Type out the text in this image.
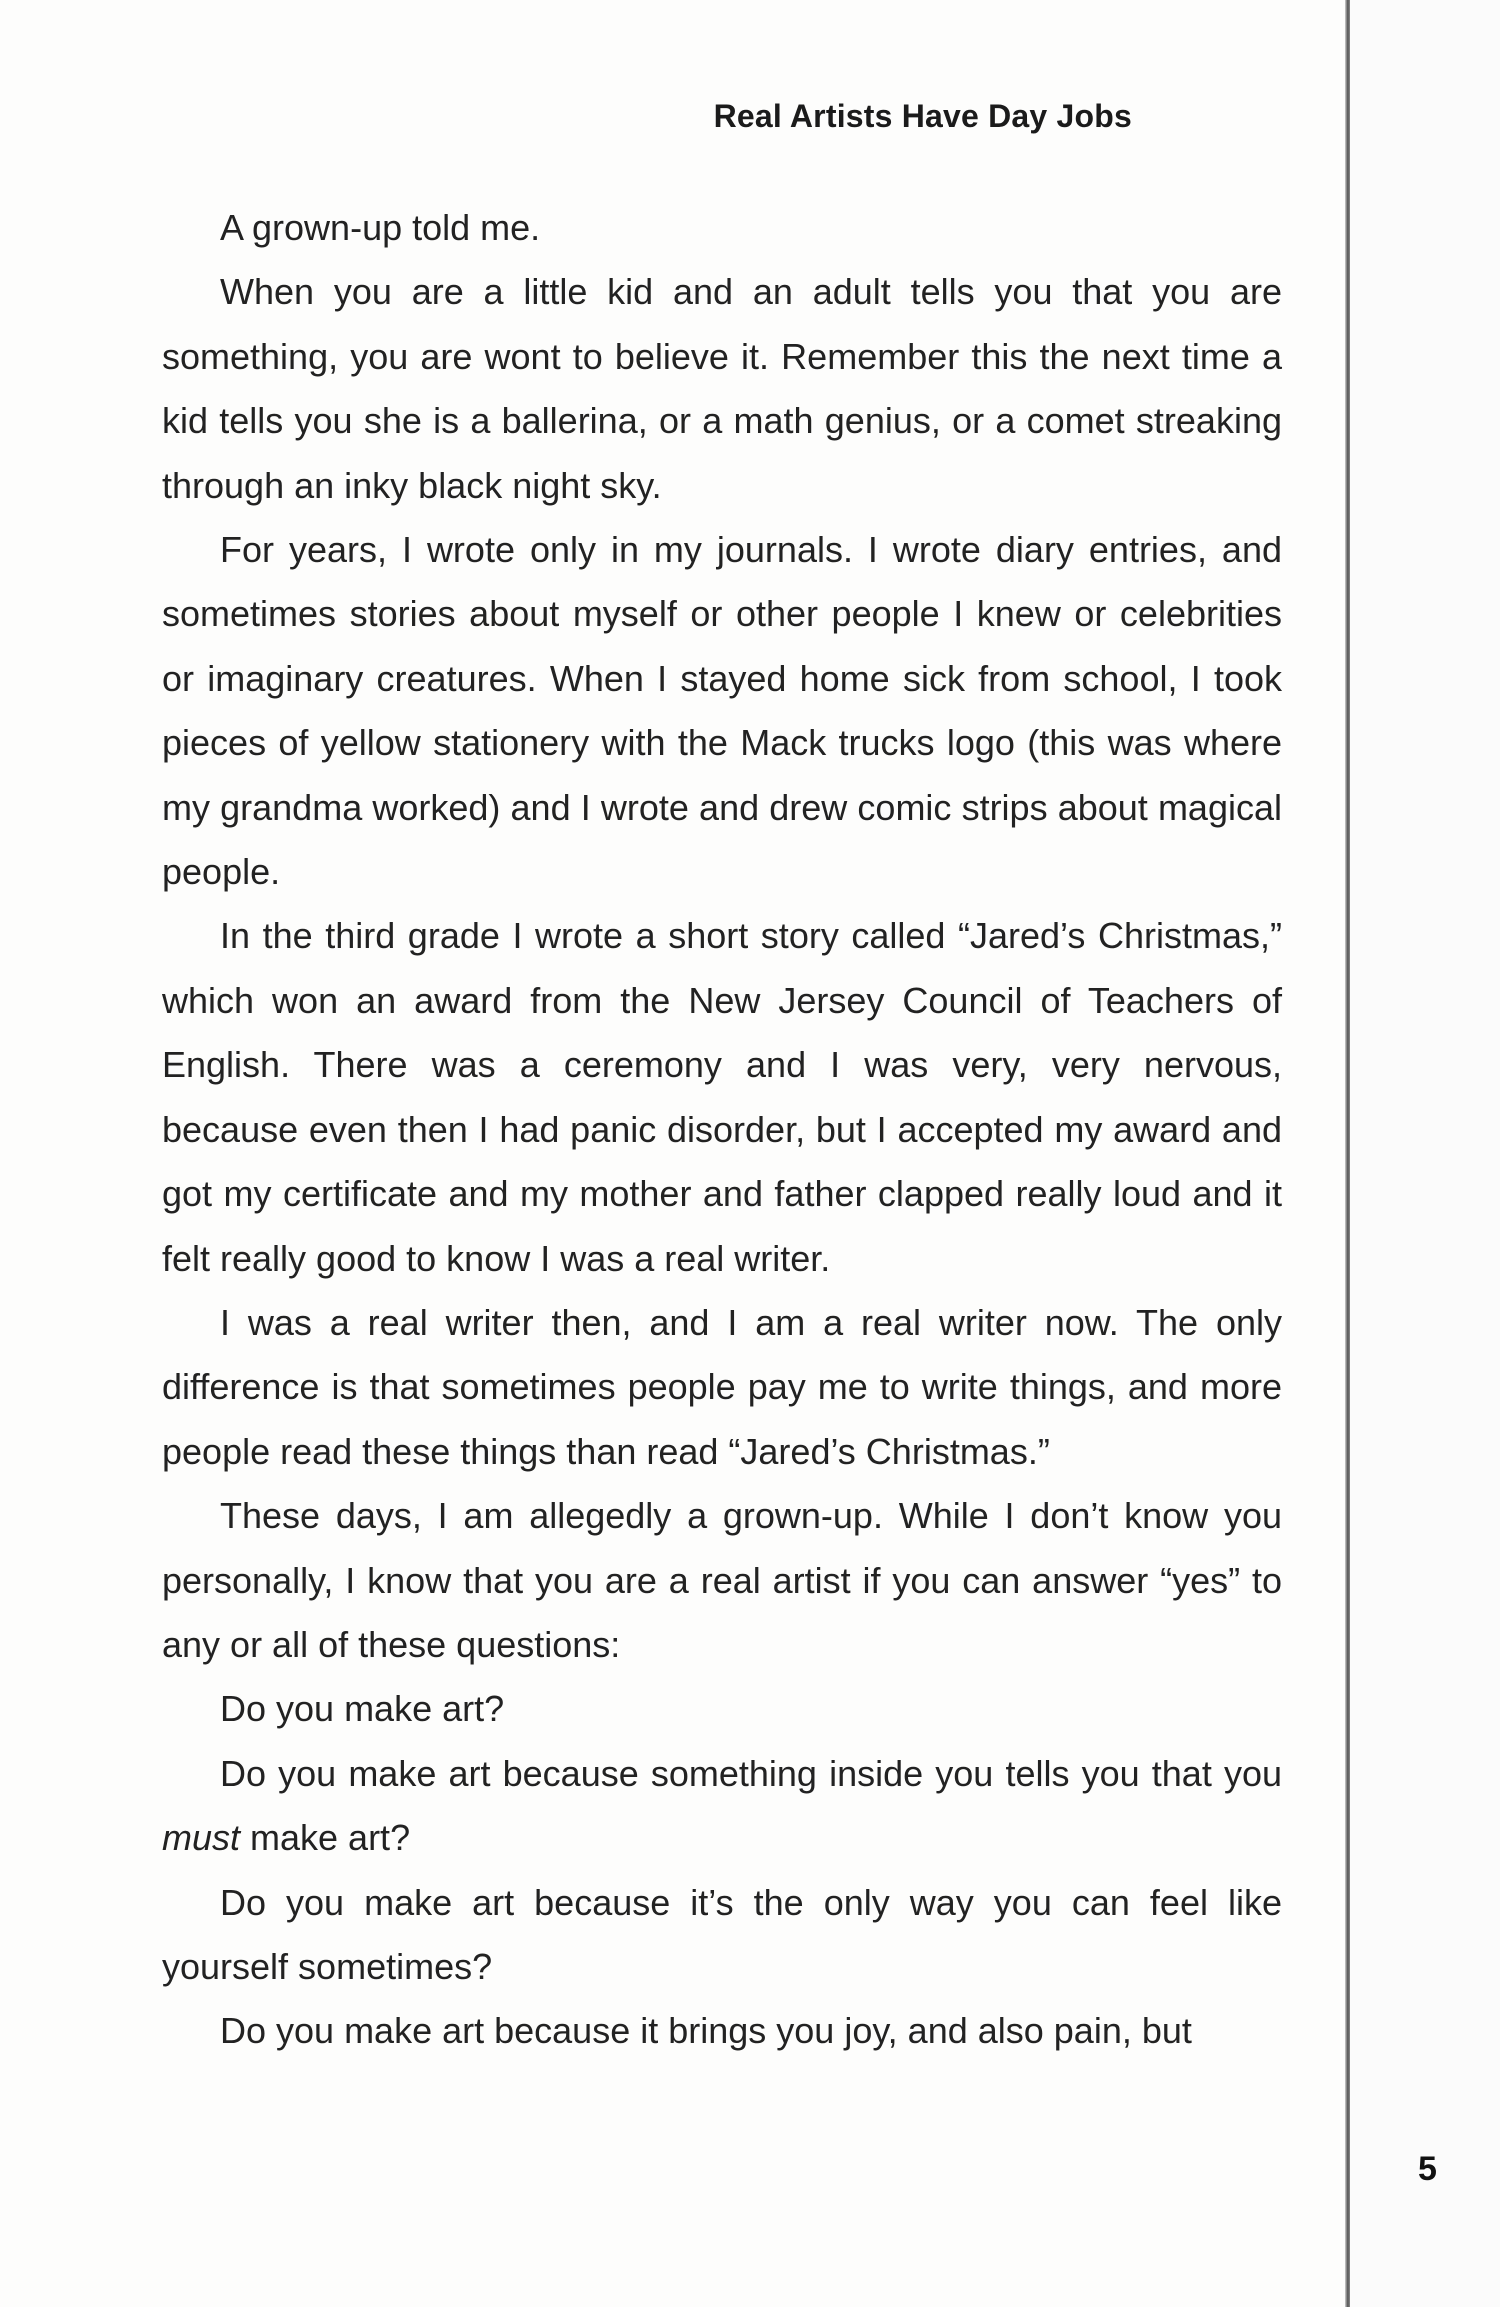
Real Artists Have Day Jobs

A grown-up told me.

When you are a little kid and an adult tells you that you are something, you are wont to believe it. Remember this the next time a kid tells you she is a ballerina, or a math genius, or a comet streaking through an inky black night sky.

For years, I wrote only in my journals. I wrote diary entries, and sometimes stories about myself or other people I knew or celebrities or imaginary creatures. When I stayed home sick from school, I took pieces of yellow stationery with the Mack trucks logo (this was where my grandma worked) and I wrote and drew comic strips about magical people.

In the third grade I wrote a short story called “Jared’s Christmas,” which won an award from the New Jersey Council of Teachers of English. There was a ceremony and I was very, very nervous, because even then I had panic disorder, but I accepted my award and got my certificate and my mother and father clapped really loud and it felt really good to know I was a real writer.

I was a real writer then, and I am a real writer now. The only difference is that sometimes people pay me to write things, and more people read these things than read “Jared’s Christmas.”

These days, I am allegedly a grown-up. While I don’t know you personally, I know that you are a real artist if you can answer “yes” to any or all of these questions:

Do you make art?

Do you make art because something inside you tells you that you must make art?

Do you make art because it’s the only way you can feel like yourself sometimes?

Do you make art because it brings you joy, and also pain, but

5
